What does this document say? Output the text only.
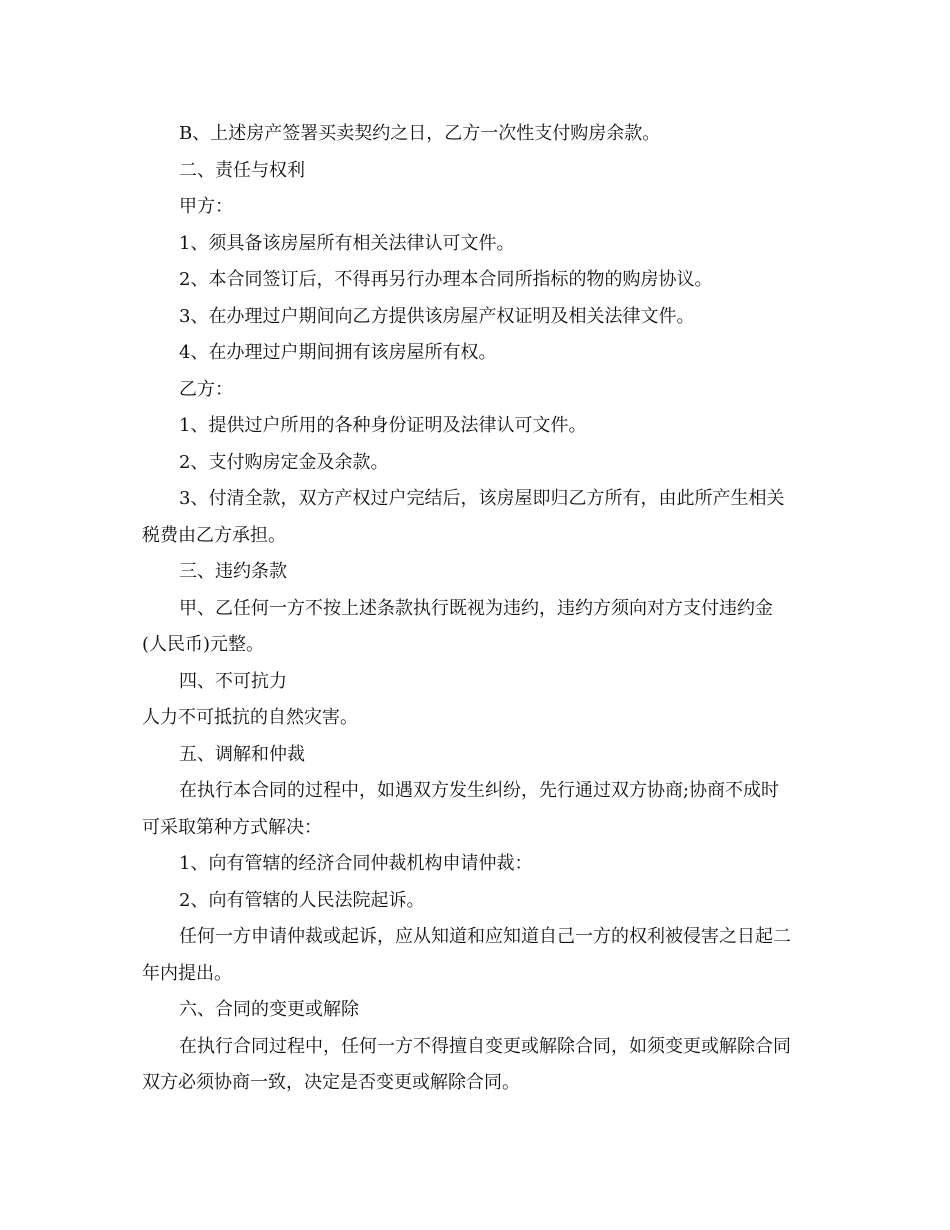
B、上述房产签署买卖契约之日，乙方一次性支付购房余款。

二、责任与权利

甲方：

1、须具备该房屋所有相关法律认可文件。

2、本合同签订后，不得再另行办理本合同所指标的物的购房协议。

3、在办理过户期间向乙方提供该房屋产权证明及相关法律文件。

4、在办理过户期间拥有该房屋所有权。

乙方：

1、提供过户所用的各种身份证明及法律认可文件。

2、支付购房定金及余款。

3、付清全款，双方产权过户完结后，该房屋即归乙方所有，由此所产生相关

税费由乙方承担。

三、违约条款

甲、乙任何一方不按上述条款执行既视为违约，违约方须向对方支付违约金

(人民币)元整。

四、不可抗力

人力不可抵抗的自然灾害。

五、调解和仲裁

在执行本合同的过程中，如遇双方发生纠纷，先行通过双方协商;协商不成时

可采取第种方式解决：

1、向有管辖的经济合同仲裁机构申请仲裁：

2、向有管辖的人民法院起诉。

任何一方申请仲裁或起诉，应从知道和应知道自己一方的权利被侵害之日起二

年内提出。

六、合同的变更或解除

在执行合同过程中，任何一方不得擅自变更或解除合同，如须变更或解除合同

双方必须协商一致，决定是否变更或解除合同。
